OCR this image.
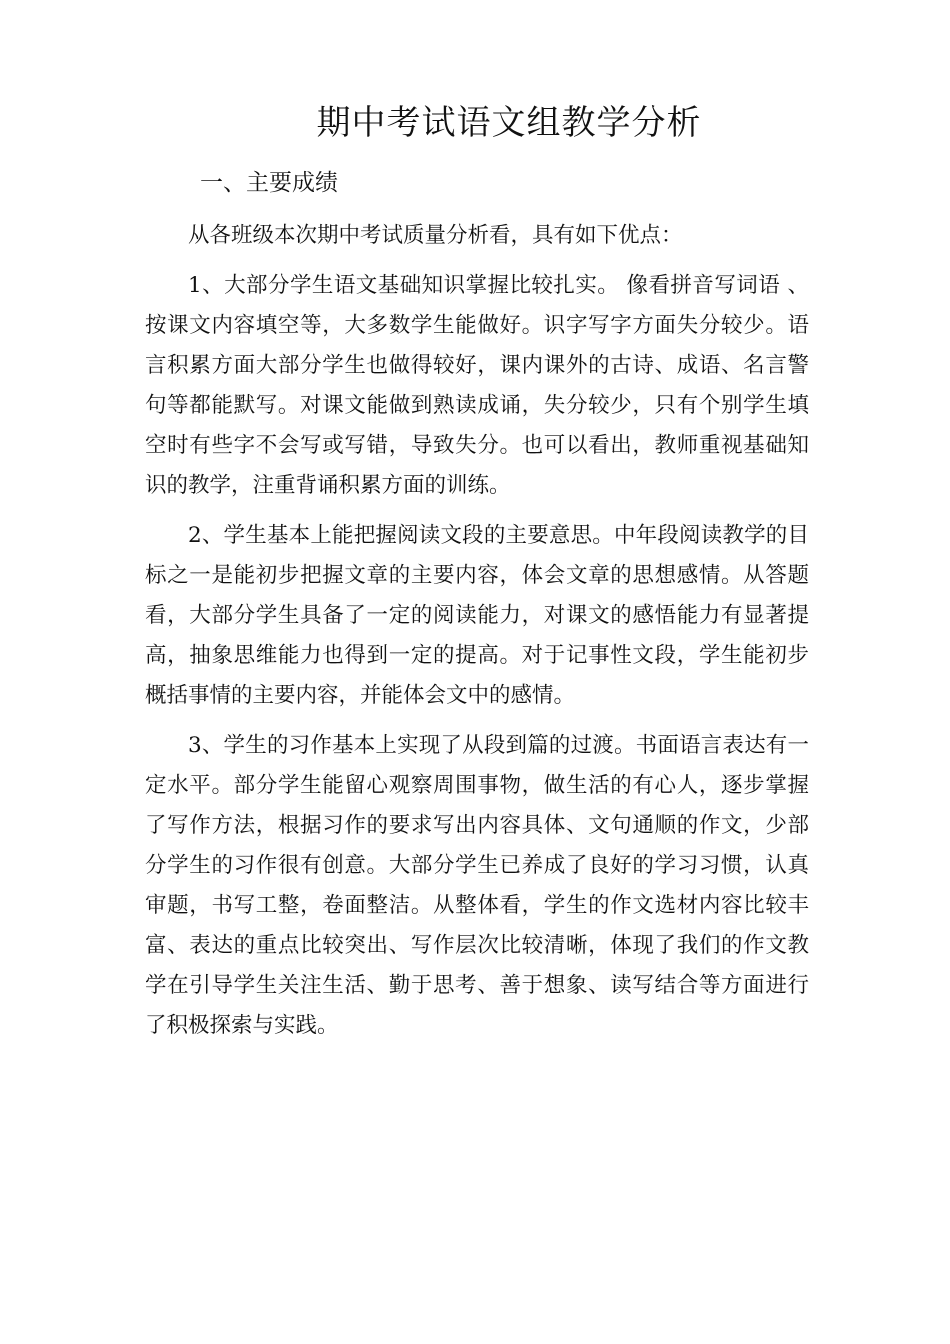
期中考试语文组教学分析
一、主要成绩

从各班级本次期中考试质量分析看，具有如下优点：

1、大部分学生语文基础知识掌握比较扎实。 像看拼音写词语 、按课文内容填空等，大多数学生能做好。识字写字方面失分较少。语言积累方面大部分学生也做得较好，课内课外的古诗、成语、名言警句等都能默写。对课文能做到熟读成诵，失分较少，只有个别学生填空时有些字不会写或写错，导致失分。也可以看出，教师重视基础知识的教学，注重背诵积累方面的训练。

2、学生基本上能把握阅读文段的主要意思。中年段阅读教学的目标之一是能初步把握文章的主要内容，体会文章的思想感情。从答题看，大部分学生具备了一定的阅读能力，对课文的感悟能力有显著提高，抽象思维能力也得到一定的提高。对于记事性文段，学生能初步概括事情的主要内容，并能体会文中的感情。

3、学生的习作基本上实现了从段到篇的过渡。书面语言表达有一定水平。部分学生能留心观察周围事物，做生活的有心人，逐步掌握了写作方法，根据习作的要求写出内容具体、文句通顺的作文，少部分学生的习作很有创意。大部分学生已养成了良好的学习习惯，认真审题，书写工整，卷面整洁。从整体看，学生的作文选材内容比较丰富、表达的重点比较突出、写作层次比较清晰，体现了我们的作文教学在引导学生关注生活、勤于思考、善于想象、读写结合等方面进行了积极探索与实践。
